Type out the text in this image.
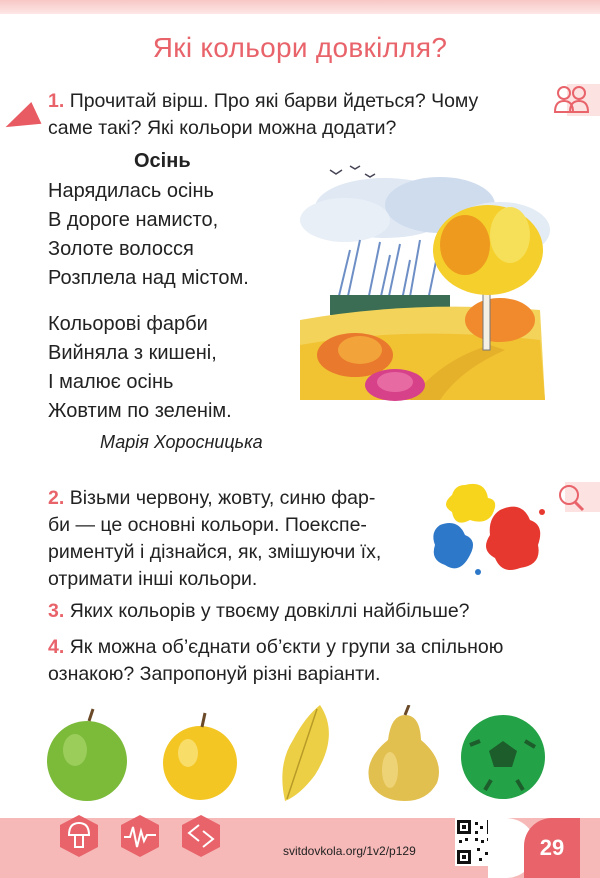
Які кольори довкілля?
1. Прочитай вірш. Про які барви йдеться? Чому
саме такі? Які кольори можна додати?
Осінь
Нарядилась осінь
В дороге намисто,
Золоте волосся
Розплела над містом.
Кольорові фарби
Вийняла з кишені,
І малює осінь
Жовтим по зеленім.
Марія Хоросницька
2. Візьми червону, жовту, синю фар-
би — це основні кольори. Поекспе-
риментуй і дізнайся, як, змішуючи їх,
отримати інші кольори.
3. Яких кольорів у твоєму довкіллі найбільше?
4. Як можна об’єднати об’єкти у групи за спільною
ознакою? Запропонуй різні варіанти.
svitdovkola.org/1v2/p129	29
